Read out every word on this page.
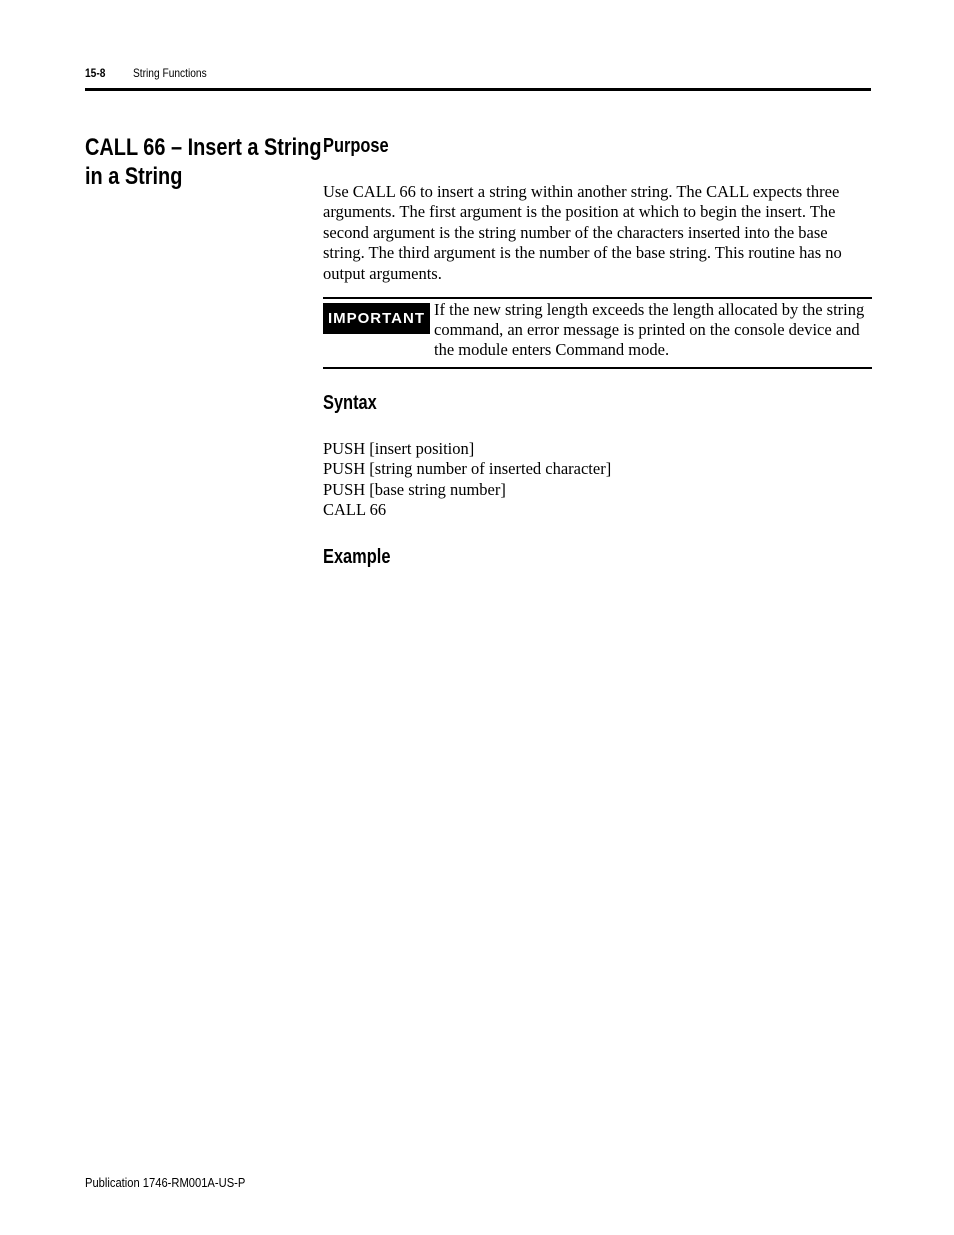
15-8 String Functions
CALL 66 – Insert a String in a String
Purpose
Use CALL 66 to insert a string within another string. The CALL expects three arguments. The first argument is the position at which to begin the insert. The second argument is the string number of the characters inserted into the base string. The third argument is the number of the base string. This routine has no output arguments.
IMPORTANT If the new string length exceeds the length allocated by the string command, an error message is printed on the console device and the module enters Command mode.
Syntax
PUSH [insert position]
PUSH [string number of inserted character]
PUSH [base string number]
CALL 66
Example
Publication 1746-RM001A-US-P
